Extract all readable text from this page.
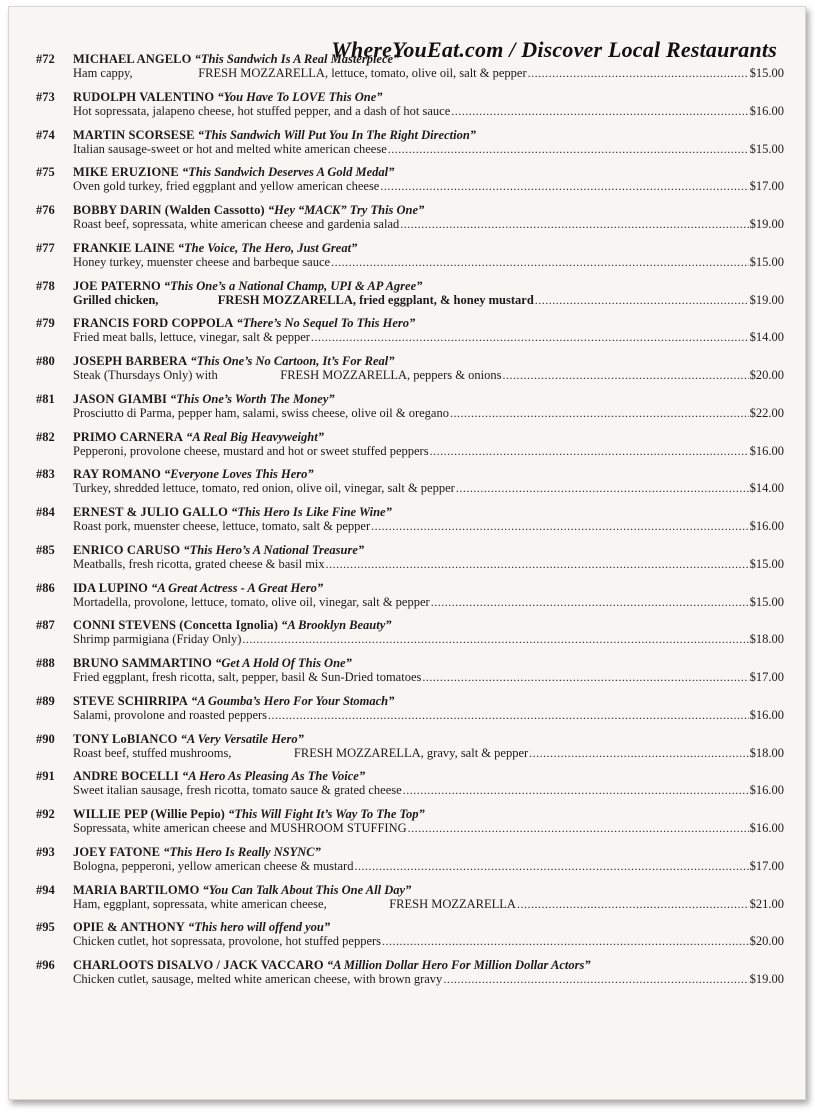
WhereYouEat.com / Discover Local Restaurants
#72	MICHAEL ANGELO “This Sandwich Is A Real Masterpiece”
Ham cappy,                     FRESH MOZZARELLA, lettuce, tomato, olive oil, salt & pepper .....	$15.00
#73	RUDOLPH VALENTINO “You Have To LOVE This One”
Hot sopressata, jalapeno cheese, hot stuffed pepper, and a dash of hot sauce .....	$16.00
#74	MARTIN SCORSESE “This Sandwich Will Put You In The Right Direction”
Italian sausage-sweet or hot and melted white american cheese .....	$15.00
#75	MIKE ERUZIONE “This Sandwich Deserves A Gold Medal”
Oven gold turkey, fried eggplant and yellow american cheese .....	$17.00
#76	BOBBY DARIN (Walden Cassotto) “Hey “MACK” Try This One”
Roast beef, sopressata, white american cheese and gardenia salad .....	$19.00
#77	FRANKIE LAINE “The Voice, The Hero, Just Great”
Honey turkey, muenster cheese and barbeque sauce .....	$15.00
#78	JOE PATERNO “This One’s a National Champ, UPI & AP Agree”
Grilled chicken,                   FRESH MOZZARELLA, fried eggplant, & honey mustard .....	$19.00
#79	FRANCIS FORD COPPOLA “There’s No Sequel To This Hero”
Fried meat balls, lettuce, vinegar, salt & pepper .....	$14.00
#80	JOSEPH BARBERA “This One’s No Cartoon, It’s For Real”
Steak (Thursdays Only) with                    FRESH MOZZARELLA, peppers & onions .....	$20.00
#81	JASON GIAMBI “This One’s Worth The Money”
Prosciutto di Parma, pepper ham, salami, swiss cheese, olive oil & oregano .....	$22.00
#82	PRIMO CARNERA “A Real Big Heavyweight”
Pepperoni, provolone cheese, mustard and hot or sweet stuffed peppers .....	$16.00
#83	RAY ROMANO “Everyone Loves This Hero”
Turkey, shredded lettuce, tomato, red onion, olive oil, vinegar, salt & pepper .....	$14.00
#84	ERNEST & JULIO GALLO “This Hero Is Like Fine Wine”
Roast pork, muenster cheese, lettuce, tomato, salt & pepper .....	$16.00
#85	ENRICO CARUSO “This Hero’s A National Treasure”
Meatballs, fresh ricotta, grated cheese & basil mix .....	$15.00
#86	IDA LUPINO “A Great Actress - A Great Hero”
Mortadella, provolone, lettuce, tomato, olive oil, vinegar, salt & pepper .....	$15.00
#87	CONNI STEVENS (Concetta Ignolia) “A Brooklyn Beauty”
Shrimp parmigiana (Friday Only) .....	$18.00
#88	BRUNO SAMMARTINO “Get A Hold Of This One”
Fried eggplant, fresh ricotta, salt, pepper, basil & Sun-Dried tomatoes .....	$17.00
#89	STEVE SCHIRRIPA “A Goumba’s Hero For Your Stomach”
Salami, provolone and roasted peppers .....	$16.00
#90	TONY LoBIANCO “A Very Versatile Hero”
Roast beef, stuffed mushrooms,                    FRESH MOZZARELLA, gravy, salt & pepper .....	$18.00
#91	ANDRE BOCELLI “A Hero As Pleasing As The Voice”
Sweet italian sausage, fresh ricotta, tomato sauce & grated cheese .....	$16.00
#92	WILLIE PEP (Willie Pepio) “This Will Fight It’s Way To The Top”
Sopressata, white american cheese and MUSHROOM STUFFING .....	$16.00
#93	JOEY FATONE “This Hero Is Really NSYNC”
Bologna, pepperoni, yellow american cheese & mustard .....	$17.00
#94	MARIA BARTILOMO “You Can Talk About This One All Day”
Ham, eggplant, sopressata, white american cheese,                    FRESH MOZZARELLA .....	$21.00
#95	OPIE & ANTHONY “This hero will offend you”
Chicken cutlet, hot sopressata, provolone, hot stuffed peppers .....	$20.00
#96	CHARLOOTS DISALVO / JACK VACCARO “A Million Dollar Hero For Million Dollar Actors”
Chicken cutlet, sausage, melted white american cheese, with brown gravy .....	$19.00
